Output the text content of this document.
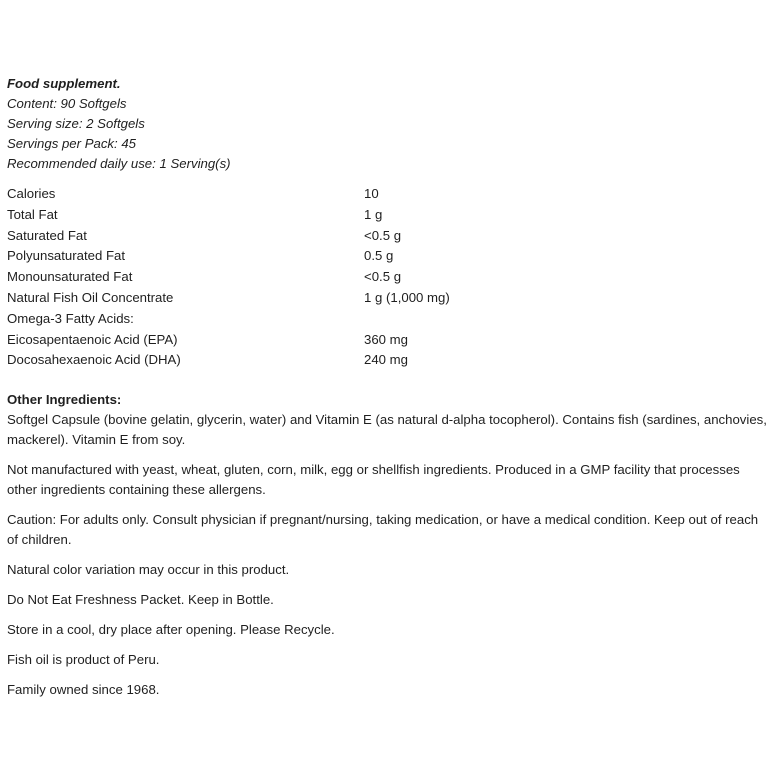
Food supplement.
Content: 90 Softgels
Serving size: 2 Softgels
Servings per Pack: 45
Recommended daily use: 1 Serving(s)
Calories	10
Total Fat	1 g
Saturated Fat	<0.5 g
Polyunsaturated Fat	0.5 g
Monounsaturated Fat	<0.5 g
Natural Fish Oil Concentrate	1 g (1,000 mg)
Omega-3 Fatty Acids:	
Eicosapentaenoic Acid (EPA)	360 mg
Docosahexaenoic Acid (DHA)	240 mg
Other Ingredients:

Softgel Capsule (bovine gelatin, glycerin, water) and Vitamin E (as natural d-alpha tocopherol). Contains fish (sardines, anchovies, mackerel). Vitamin E from soy.

Not manufactured with yeast, wheat, gluten, corn, milk, egg or shellfish ingredients. Produced in a GMP facility that processes other ingredients containing these allergens.

Caution: For adults only. Consult physician if pregnant/nursing, taking medication, or have a medical condition. Keep out of reach of children.

Natural color variation may occur in this product.

Do Not Eat Freshness Packet. Keep in Bottle.

Store in a cool, dry place after opening. Please Recycle.

Fish oil is product of Peru.

Family owned since 1968.
